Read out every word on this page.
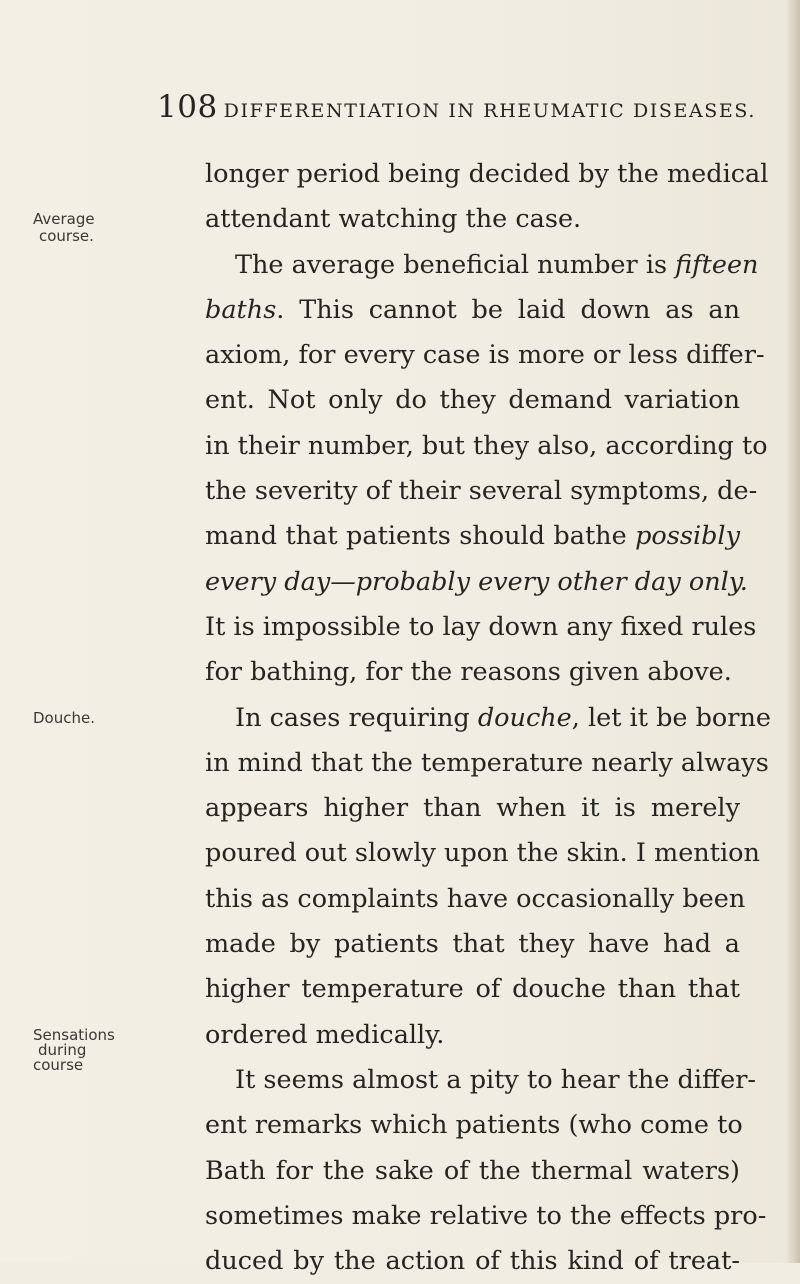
108 DIFFERENTIATION IN RHEUMATIC DISEASES.
Average
course.
Douche.
Sensations
during
course
longer period being decided by the medical
attendant watching the case.
The average beneficial number is fifteen
baths. This cannot be laid down as an
axiom, for every case is more or less differ-
ent. Not only do they demand variation
in their number, but they also, according to
the severity of their several symptoms, de-
mand that patients should bathe possibly
every day—probably every other day only.
It is impossible to lay down any fixed rules
for bathing, for the reasons given above.
In cases requiring douche, let it be borne
in mind that the temperature nearly always
appears higher than when it is merely
poured out slowly upon the skin. I mention
this as complaints have occasionally been
made by patients that they have had a
higher temperature of douche than that
ordered medically.
It seems almost a pity to hear the differ-
ent remarks which patients (who come to
Bath for the sake of the thermal waters)
sometimes make relative to the effects pro-
duced by the action of this kind of treat-
